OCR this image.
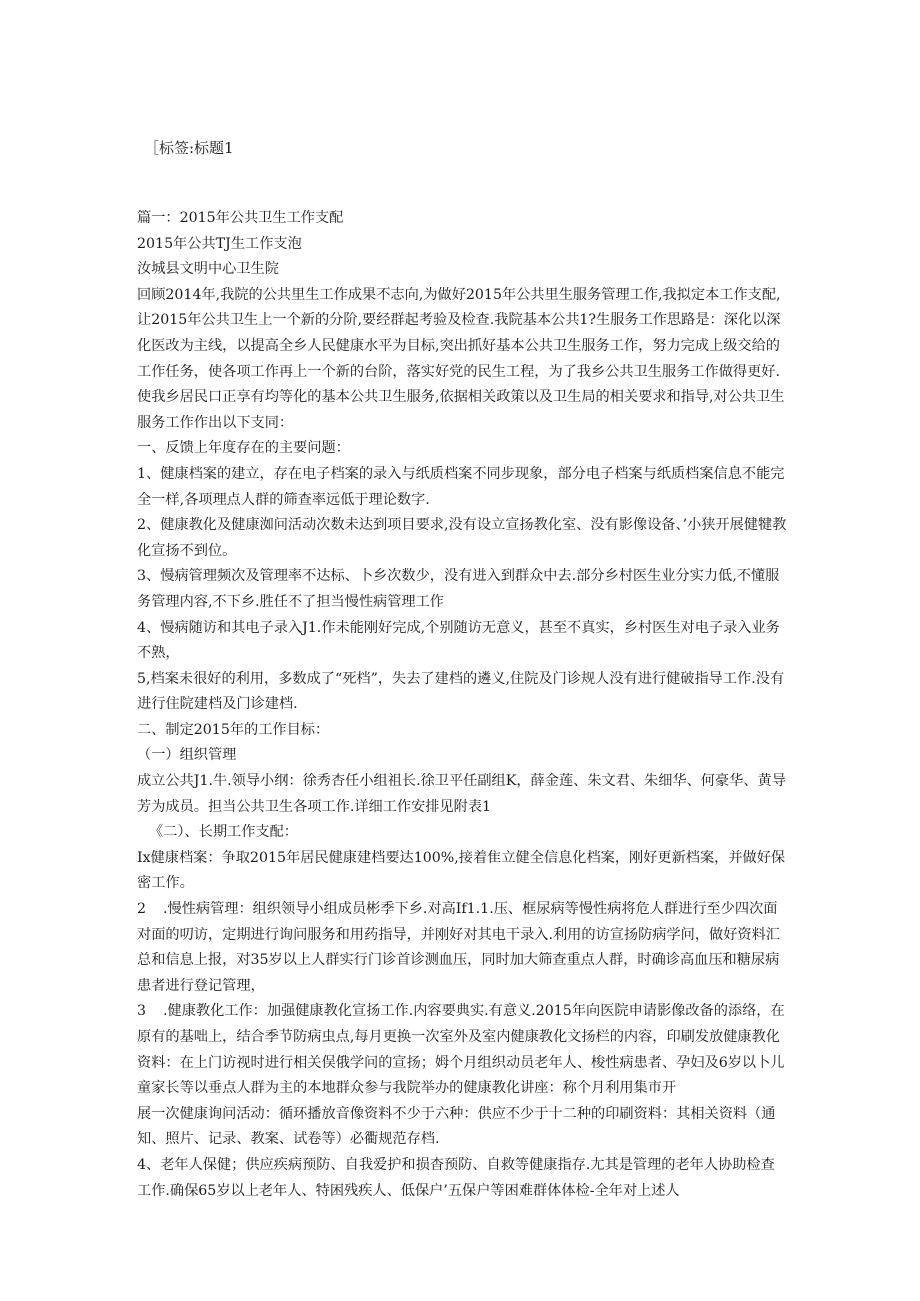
［标签:标题1

篇一：2015年公共卫生工作支配

2015年公共TJ生工作支泡

汝城县文明中心卫生院

回顾2014年,我院的公共里生工作成果不志向,为做好2015年公共里生服务管理工作,我拟定本工作支配,让2015年公共卫生上一个新的分阶,要经群起考验及检查.我院基本公共1?生服务工作思路是：深化以深化医改为主线，以提高全乡人民健康水平为目标,突出抓好基本公共卫生服务工作，努力完成上级交给的工作任务，使各项工作再上一个新的台阶，落实好党的民生工程，为了我乡公共卫生服务工作做得更好.使我乡居民口正享有均等化的基本公共卫生服务,依据相关政策以及卫生局的相关要求和指导,对公共卫生服务工作作出以下支同：

一、反馈上年度存在的主要问题：

1、健康档案的建立，存在电子档案的录入与纸质档案不同步现象，部分电子档案与纸质档案信息不能完全一样,各项理点人群的筛查率远低于理论数字.

2、健康教化及健康洳问活动次数未达到项目要求,没有设立宣扬教化室、没有影像设备、’小狭开展健犍教化宣扬不到位。

3、慢病管理频次及管理率不达标、卜乡次数少，没有进入到群众中去.部分乡村医生业分实力低,不懂服务管理内容,不下乡.胜任不了担当慢性病管理工作

4、慢病随访和其电子录入J1.作未能刚好完成,个别随访无意义，甚至不真实，乡村医生对电子录入业务不熟，

5,档案未很好的利用，多数成了“死档”，失去了建档的遴义,住院及门诊规人没有进行健破指导工作.没有进行住院建档及门诊建档.

二、制定2015年的工作目标：

（一）组织管理

成立公共J1.牛.领导小纲：徐秀杏任小组祖长.徐卫平任副组K，薛金莲、朱文君、朱细华、何豪华、黄导芳为成员。担当公共卫生各项工作.详细工作安排见附表1

《二）、长期工作支配：

Ix健康档案：争取2015年居民健康建档要达100%,接着隹立健全信息化档案，刚好更新档案，并做好保密工作。

2 .慢性病管理：组织领导小组成员彬季下乡.对高If1.1.压、框尿病等慢性病将危人群进行至少四次面对面的叨访，定期进行询问服务和用药指导，并刚好对其电干录入.利用的访宣扬防病学问，做好资料汇总和信息上报，对35岁以上人群实行门诊首诊测血压，同时加大筛查重点人群，时确诊高血压和糖尿病患者进行登记管理，

3 .健康教化工作：加强健康教化宣扬工作.内容要典实.有意义.2015年向医院申请影像改备的添络，在原有的基咄上，结合季节防病虫点,每月更换一次室外及室内健康教化文扬栏的内容，印刷发放健康教化资料：在上门访视时进行相关俣俄学问的宣扬；姆个月组织动员老年人、梭性病患者、孕妇及6岁以卜儿童家长等以垂点人群为主的本地群众参与我院举办的健康教化讲座：称个月利用集市开

展一次健康询问活动：循环播放音像资料不少于六种：供应不少于十二种的印刷资料：其相关资料（通知、照片、记录、教案、试卷等）必衢规范存档.

4、老年人保健；供应疾病预防、自我爱护和损杳预防、自救等健康指存.尢其是管理的老年人协助检查工作.确保65岁以上老年人、特困残疾人、低保户’五保户等困难群体体检-全年对上述人
